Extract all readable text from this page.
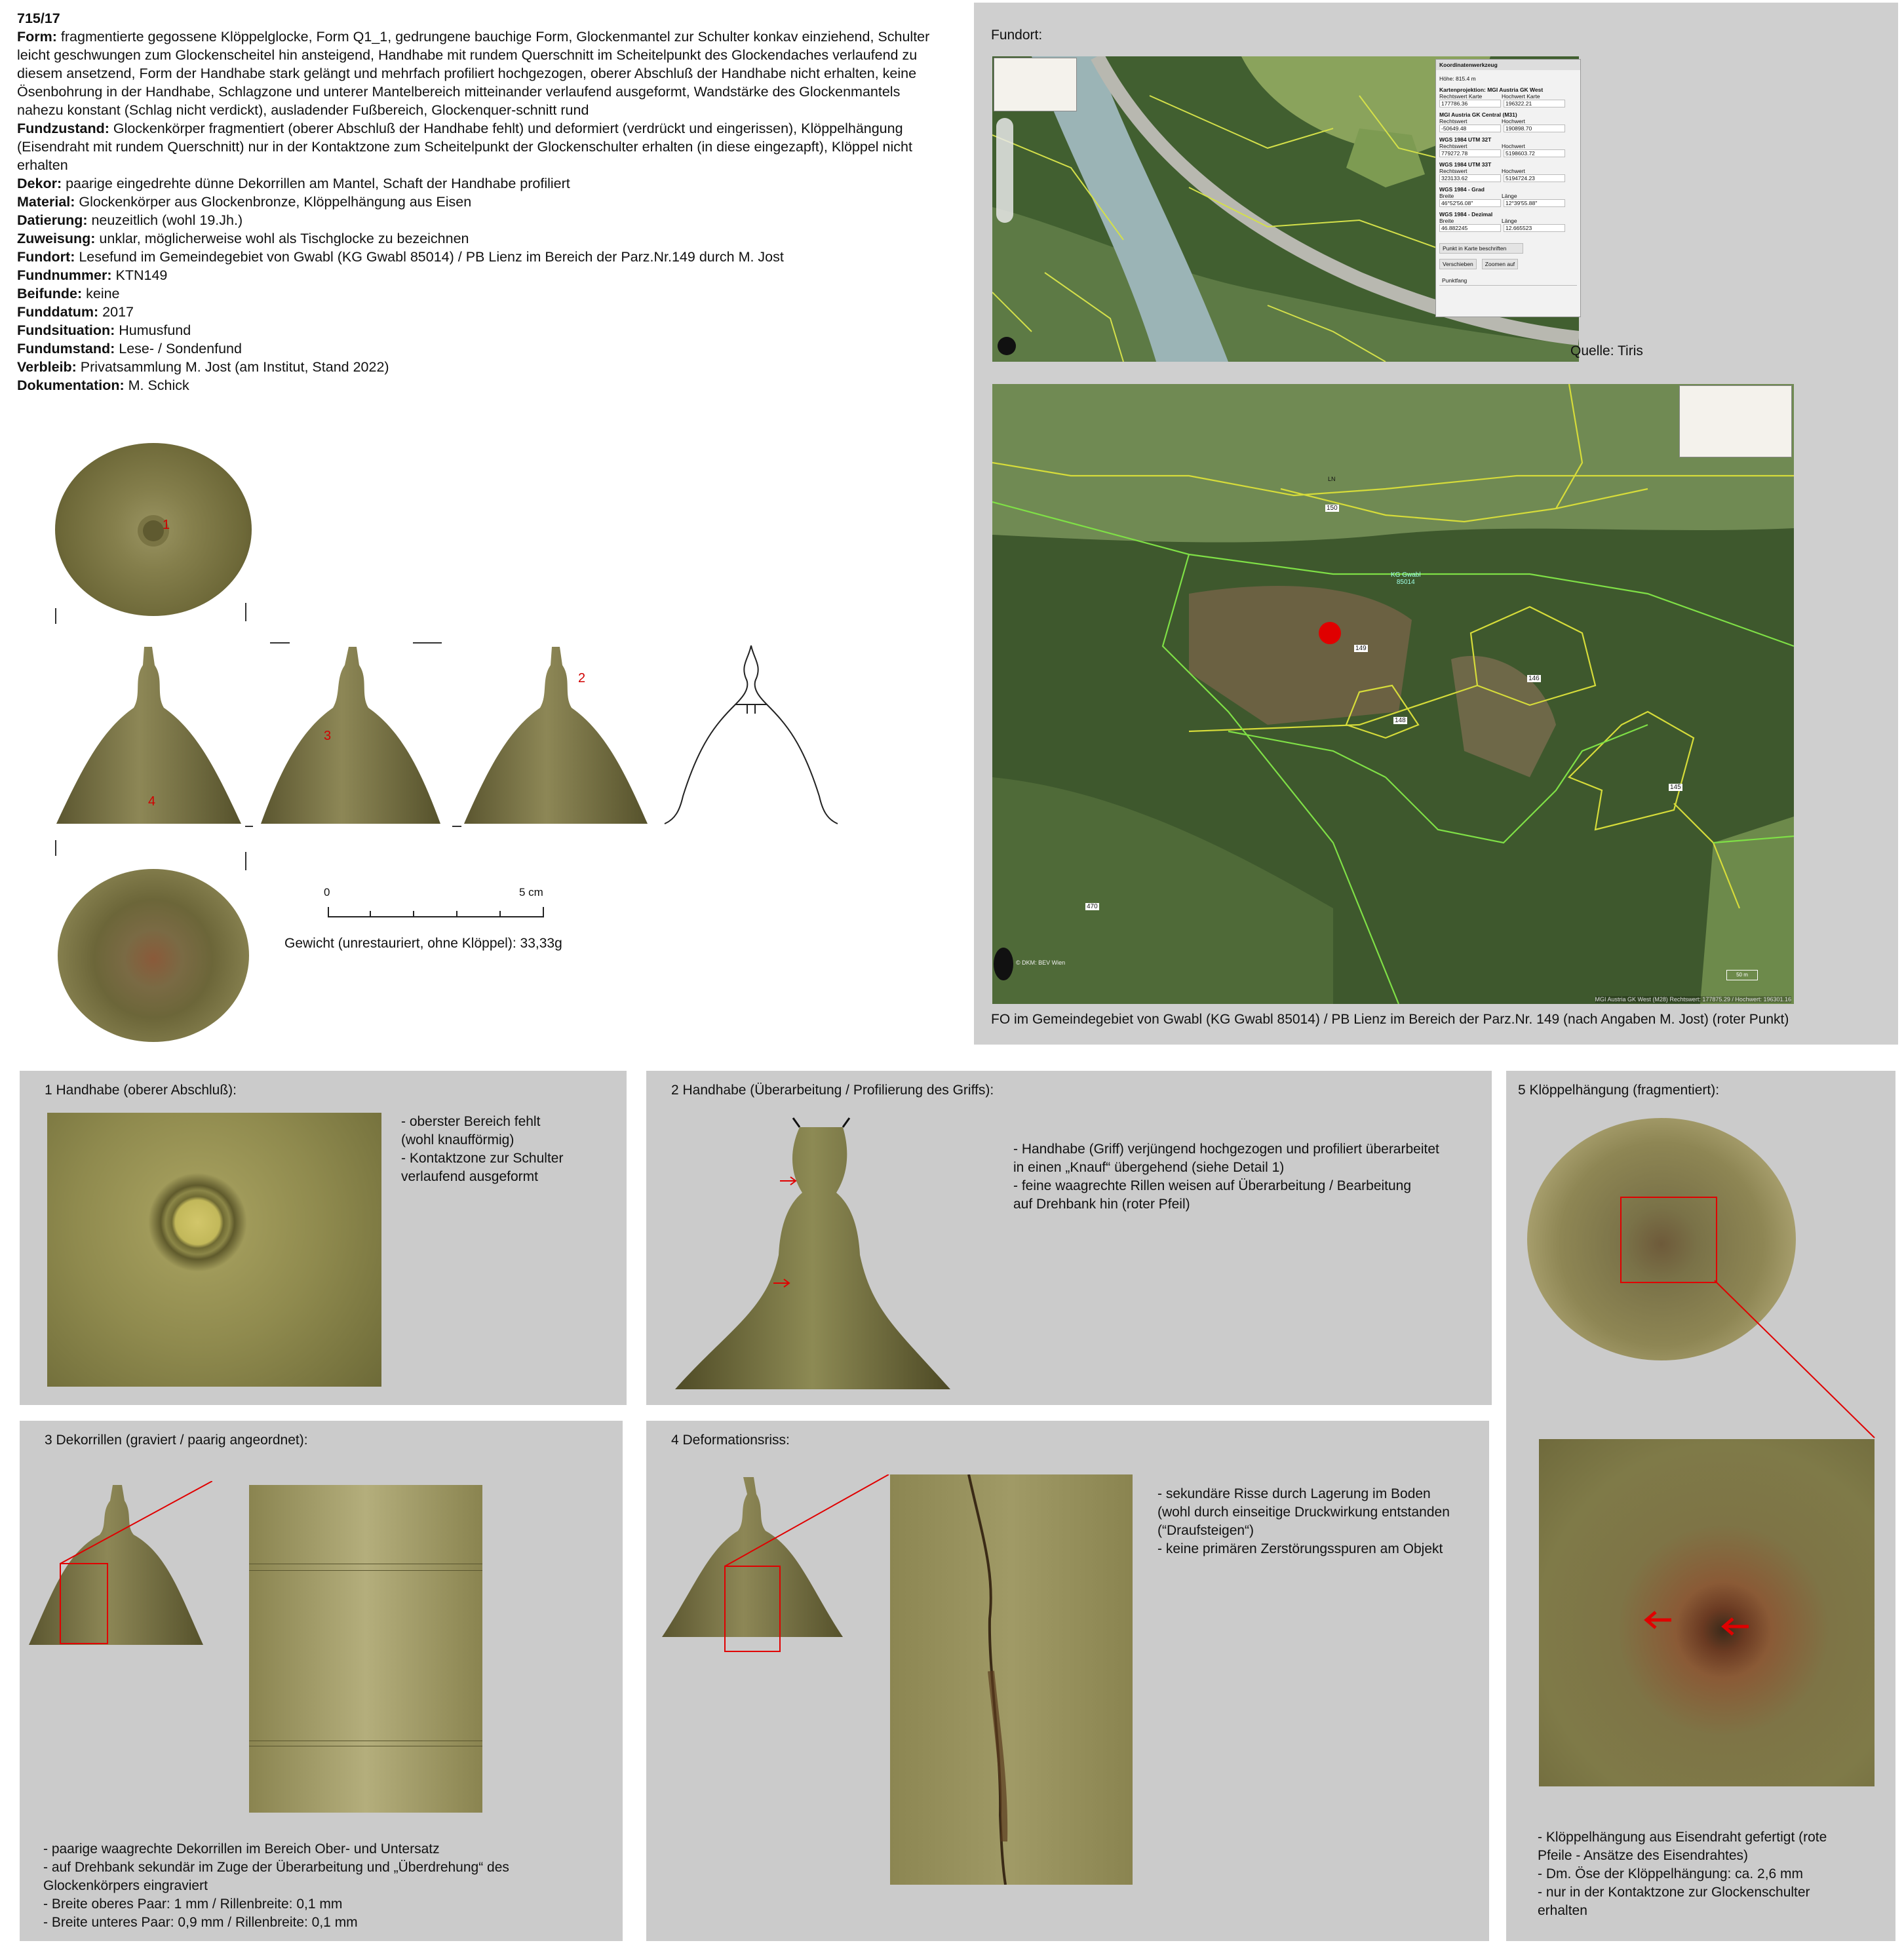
715/17
Form: fragmentierte gegossene Klöppelglocke, Form Q1_1, gedrungene bauchige Form, Glockenmantel zur Schulter konkav einziehend, Schulter leicht geschwungen zum Glockenscheitel hin ansteigend, Handhabe mit rundem Querschnitt im Scheitelpunkt des Glockendaches verlaufend zu diesem ansetzend, Form der Handhabe stark gelängt und mehrfach profiliert hochgezogen, oberer Abschluß der Handhabe nicht erhalten, keine Ösenbohrung in der Handhabe, Schlagzone und unterer Mantelbereich mitteinander verlaufend ausgeformt, Wandstärke des Glockenmantels nahezu konstant (Schlag nicht verdickt), ausladender Fußbereich, Glockenquer-schnitt rund
Fundzustand: Glockenkörper fragmentiert (oberer Abschluß der Handhabe fehlt) und deformiert (verdrückt und eingerissen), Klöppelhängung (Eisendraht mit rundem Querschnitt) nur in der Kontaktzone zum Scheitelpunkt der Glockenschulter erhalten (in diese eingezapft), Klöppel nicht erhalten
Dekor: paarige eingedrehte dünne Dekorrillen am Mantel, Schaft der Handhabe profiliert
Material: Glockenkörper aus Glockenbronze, Klöppelhängung aus Eisen
Datierung: neuzeitlich (wohl 19.Jh.)
Zuweisung: unklar, möglicherweise wohl als Tischglocke zu bezeichnen
Fundort: Lesefund im Gemeindegebiet von Gwabl (KG Gwabl 85014) / PB Lienz im Bereich der Parz.Nr.149 durch M. Jost
Fundnummer: KTN149
Beifunde: keine
Funddatum: 2017
Fundsituation: Humusfund
Fundumstand: Lese- / Sondenfund
Verbleib: Privatsammlung M. Jost (am Institut, Stand 2022)
Dokumentation: M. Schick
1
2
3
4
0	5 cm
Gewicht (unrestauriert, ohne Klöppel): 33,33g
Fundort:
Koordinatenwerkzeug
Höhe: 815.4 m
Kartenprojektion: MGI Austria GK West
Rechtswert Karte	Hochwert Karte
177786.36	196322.21
MGI Austria GK Central (M31)
Rechtswert	Hochwert
-50649.48	190898.70
WGS 1984 UTM 32T
Rechtswert	Hochwert
779272.78	5198603.72
WGS 1984 UTM 33T
Rechtswert	Hochwert
323133.62	5194724.23
WGS 1984 - Grad
Breite	Länge
46°52'56.08''	12°39'55.88''
WGS 1984 - Dezimal
Breite	Länge
46.882245	12.665523
Punkt in Karte beschriften
Verschieben	Zoomen auf
Punktfang
Quelle: Tiris
150
149
146
148
145
470
LN
KG Gwabl
85014
© DKM: BEV Wien
50 m
MGI Austria GK West (M28) Rechtswert: 177875.29 / Hochwert: 196301.16
FO im Gemeindegebiet von Gwabl (KG Gwabl 85014) / PB Lienz im Bereich der Parz.Nr. 149 (nach Angaben M. Jost) (roter Punkt)
1 Handhabe (oberer Abschluß):
- oberster Bereich fehlt
(wohl knaufförmig)
- Kontaktzone zur Schulter
verlaufend ausgeformt
2 Handhabe (Überarbeitung / Profilierung des Griffs):
- Handhabe (Griff) verjüngend hochgezogen und profiliert überarbeitet
in einen „Knauf“ übergehend (siehe Detail 1)
- feine waagrechte Rillen weisen auf Überarbeitung / Bearbeitung
auf Drehbank hin (roter Pfeil)
5 Klöppelhängung (fragmentiert):
- Klöppelhängung aus Eisendraht gefertigt (rote
Pfeile - Ansätze des Eisendrahtes)
- Dm. Öse der Klöppelhängung: ca. 2,6 mm
- nur in der Kontaktzone zur Glockenschulter
erhalten
3 Dekorrillen (graviert / paarig angeordnet):
- paarige waagrechte Dekorrillen im Bereich Ober- und Untersatz
- auf Drehbank sekundär im Zuge der Überarbeitung und „Überdrehung“ des
Glockenkörpers eingraviert
- Breite oberes Paar: 1 mm / Rillenbreite: 0,1 mm
- Breite unteres Paar: 0,9 mm / Rillenbreite: 0,1 mm
4 Deformationsriss:
- sekundäre Risse durch Lagerung im Boden
(wohl durch einseitige Druckwirkung entstanden
(“Draufsteigen“)
- keine primären Zerstörungsspuren am Objekt
